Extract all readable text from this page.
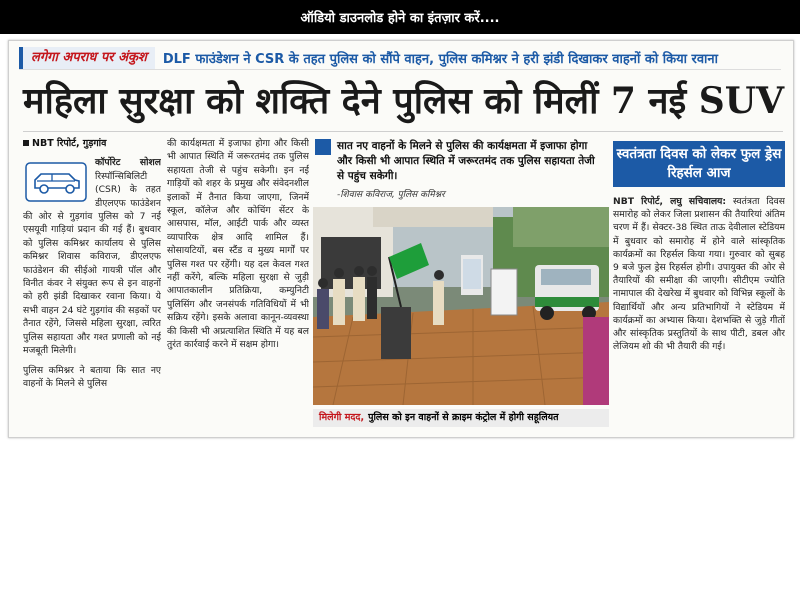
ऑडियो डाउनलोड होने का इंतज़ार करें....
लगेगा अपराध पर अंकुश	DLF फाउंडेशन ने CSR के तहत पुलिस को सौंपे वाहन, पुलिस कमिश्नर ने हरी झंडी दिखाकर वाहनों को किया रवाना
महिला सुरक्षा को शक्ति देने पुलिस को मिलीं 7 नई SUV
NBT रिपोर्ट, गुड़गांव
कॉर्पोरेट सोशल
रिस्पॉन्सिबिलिटी (CSR) के तहत डीएलएफ फाउंडेशन की ओर से गुड़गांव पुलिस को 7 नई एसयूवी गाड़ियां प्रदान की गई हैं। बुधवार को पुलिस कमिश्नर कार्यालय से पुलिस कमिश्नर शिवास कविराज, डीएलएफ फाउंडेशन की सीईओ गायत्री पॉल और विनीत कंवर ने संयुक्त रूप से इन वाहनों को हरी झंडी दिखाकर रवाना किया। ये सभी वाहन 24 घंटे गुड़गांव की सड़कों पर तैनात रहेंगे, जिससे महिला सुरक्षा, त्वरित पुलिस सहायता और गश्त प्रणाली को नई मजबूती मिलेगी।
पुलिस कमिश्नर ने बताया कि सात नए वाहनों के मिलने से पुलिस
की कार्यक्षमता में इजाफा होगा और किसी भी आपात स्थिति में जरूरतमंद तक पुलिस सहायता तेजी से पहुंच सकेगी। इन नई गाड़ियों को शहर के प्रमुख और संवेदनशील इलाकों में तैनात किया जाएगा, जिनमें स्कूल, कॉलेज और कोचिंग सेंटर के आसपास, मॉल, आईटी पार्क और व्यस्त व्यापारिक क्षेत्र आदि शामिल हैं। सोसायटियों, बस स्टैंड व मुख्य मार्गों पर पुलिस गश्त पर रहेंगी। यह दल केवल गश्त नहीं करेंगे, बल्कि महिला सुरक्षा से जुड़ी आपातकालीन प्रतिक्रिया, कम्युनिटी पुलिसिंग और जनसंपर्क गतिविधियों में भी सक्रिय रहेंगे। इसके अलावा कानून-व्यवस्था की किसी भी अप्रत्याशित स्थिति में यह बल तुरंत कार्रवाई करने में सक्षम होगा।
सात नए वाहनों के मिलने से पुलिस की कार्यक्षमता में इजाफा होगा और किसी भी आपात स्थिति में जरूरतमंद तक पुलिस सहायता तेजी से पहुंच सकेगी।
-शिवास कविराज, पुलिस कमिश्नर
मिलेगी मदद, पुलिस को इन वाहनों से क्राइम कंट्रोल में होगी सहूलियत
स्वतंत्रता दिवस को लेकर फुल ड्रेस रिहर्सल आज
NBT रिपोर्ट, लघु सचिवालय: स्वतंत्रता दिवस समारोह को लेकर जिला प्रशासन की तैयारियां अंतिम चरण में हैं। सेक्टर-38 स्थित ताऊ देवीलाल स्टेडियम में बुधवार को समारोह में होने वाले सांस्कृतिक कार्यक्रमों का रिहर्सल किया गया। गुरुवार को सुबह 9 बजे फुल ड्रेस रिहर्सल होगी। उपायुक्त की ओर से तैयारियों की समीक्षा की जाएगी। सीटीएम ज्योति नामापाल की देखरेख में बुधवार को विभिन्न स्कूलों के विद्यार्थियों और अन्य प्रतिभागियों ने स्टेडियम में कार्यक्रमों का अभ्यास किया। देशभक्ति से जुड़े गीतों और सांस्कृतिक प्रस्तुतियों के साथ पीटी, डबल और लेजियम शो की भी तैयारी की गई।
